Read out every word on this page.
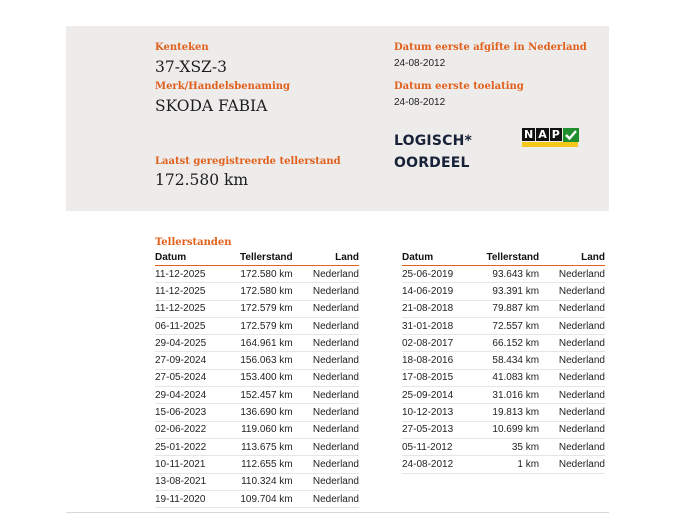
Kenteken
37-XSZ-3
Merk/Handelsbenaming
SKODA FABIA
Laatst geregistreerde tellerstand
172.580 km
Datum eerste afgifte in Nederland
24-08-2012
Datum eerste toelating
24-08-2012
LOGISCH*
OORDEEL
N A P
Tellerstanden
Datum	Tellerstand	Land
11-12-2025	172.580 km	Nederland
11-12-2025	172.580 km	Nederland
11-12-2025	172.579 km	Nederland
06-11-2025	172.579 km	Nederland
29-04-2025	164.961 km	Nederland
27-09-2024	156.063 km	Nederland
27-05-2024	153.400 km	Nederland
29-04-2024	152.457 km	Nederland
15-06-2023	136.690 km	Nederland
02-06-2022	119.060 km	Nederland
25-01-2022	113.675 km	Nederland
10-11-2021	112.655 km	Nederland
13-08-2021	110.324 km	Nederland
19-11-2020	109.704 km	Nederland
Datum	Tellerstand	Land
25-06-2019	93.643 km	Nederland
14-06-2019	93.391 km	Nederland
21-08-2018	79.887 km	Nederland
31-01-2018	72.557 km	Nederland
02-08-2017	66.152 km	Nederland
18-08-2016	58.434 km	Nederland
17-08-2015	41.083 km	Nederland
25-09-2014	31.016 km	Nederland
10-12-2013	19.813 km	Nederland
27-05-2013	10.699 km	Nederland
05-11-2012	35 km	Nederland
24-08-2012	1 km	Nederland
